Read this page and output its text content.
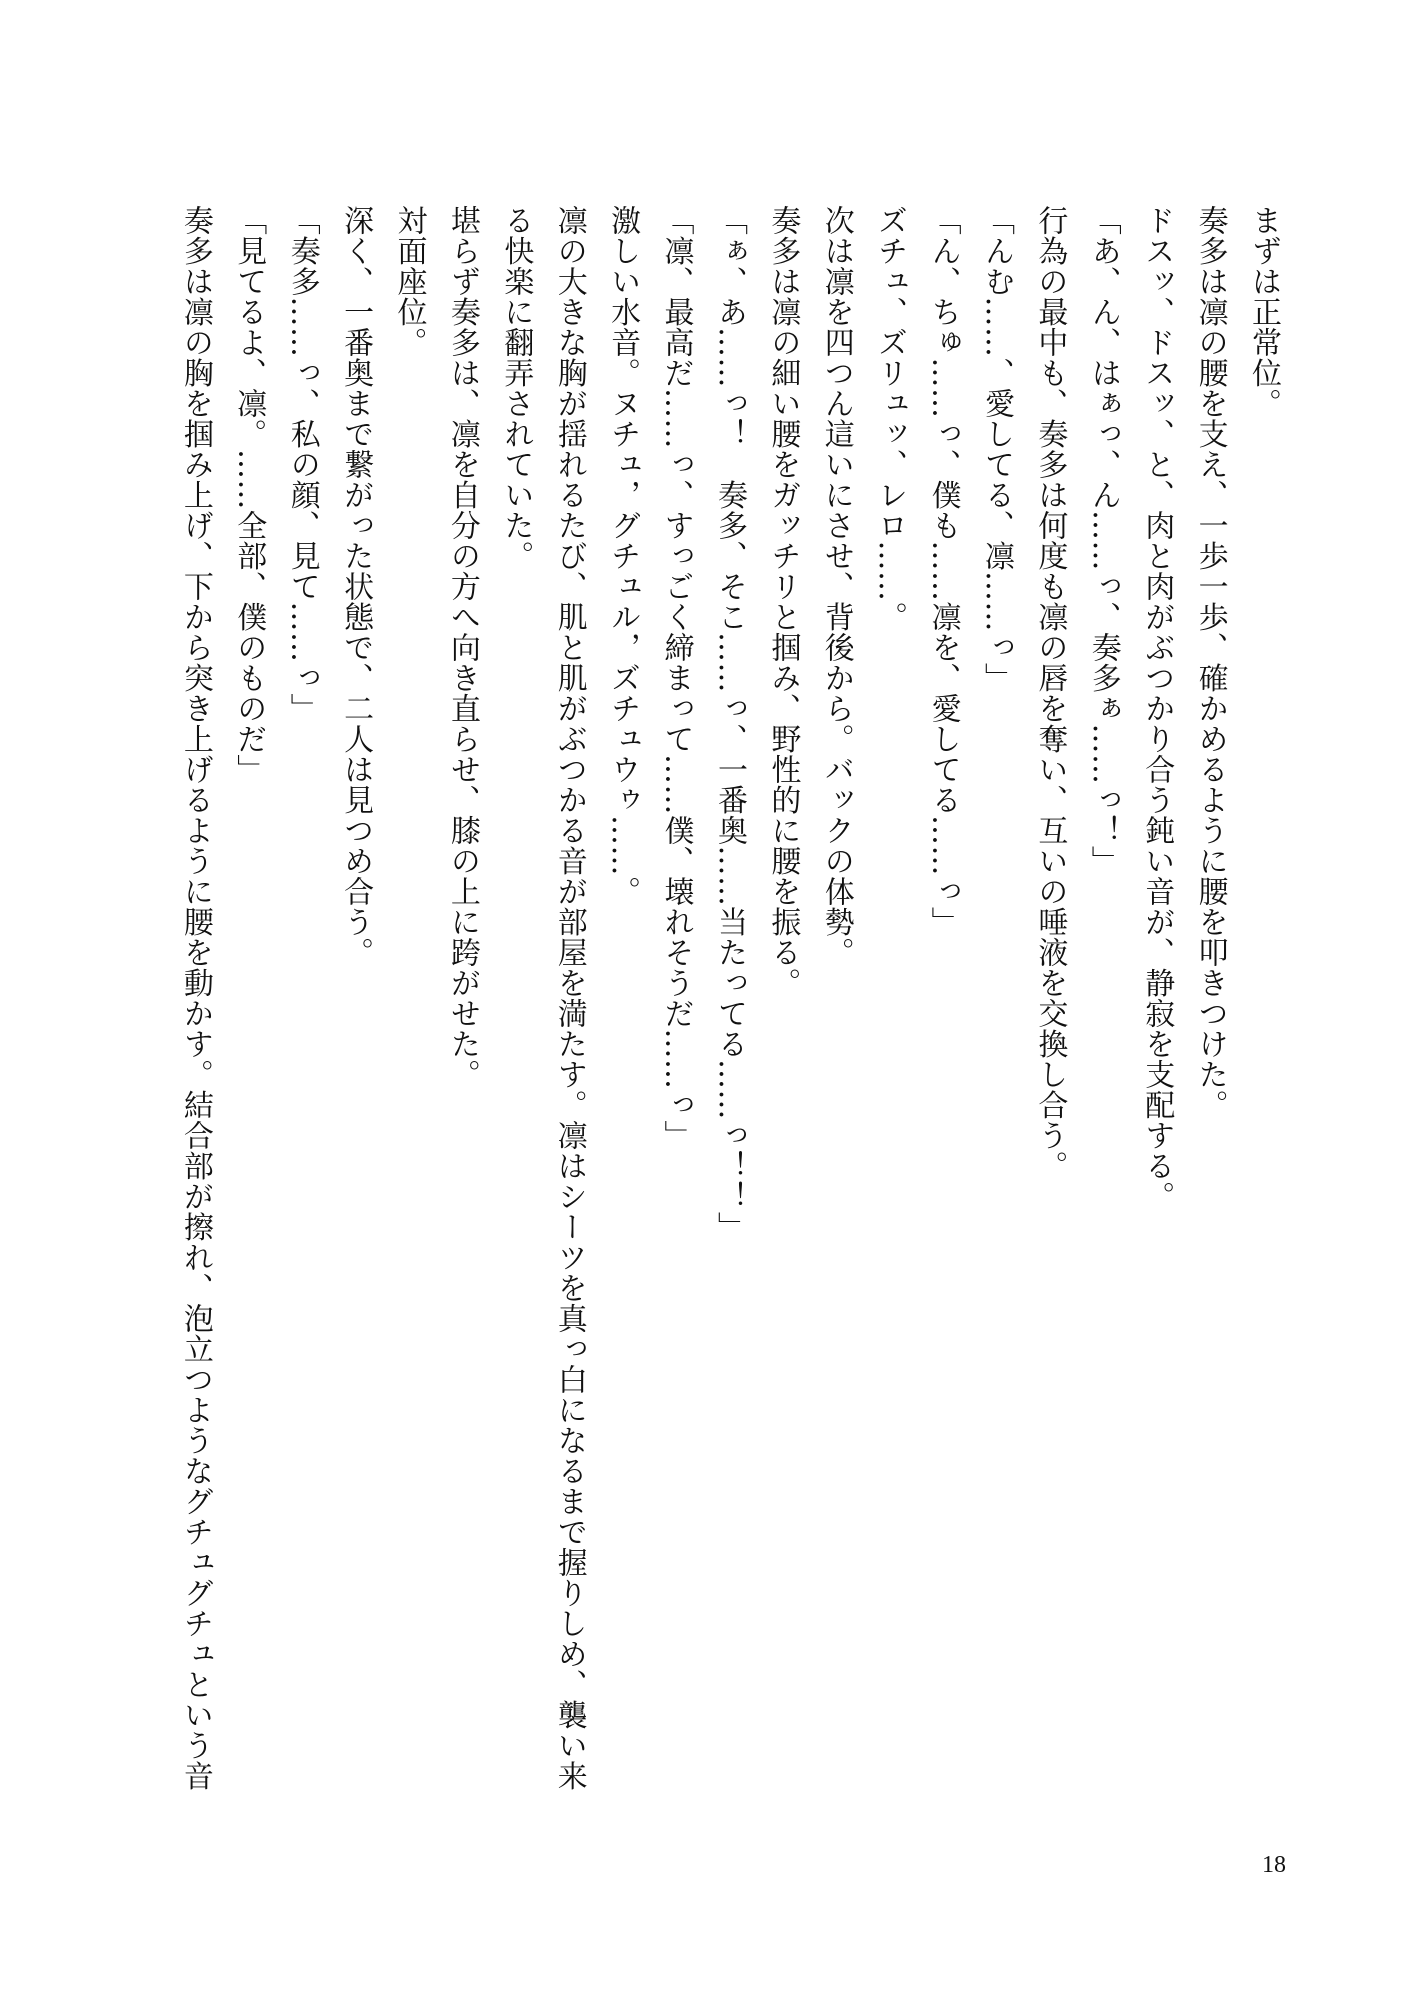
まずは正常位。

奏多は凛の腰を支え、一歩一歩、確かめるように腰を叩きつけた。

ドスッ、ドスッ、と、肉と肉がぶつかり合う鈍い音が、静寂を支配する。

「あ、ん、はぁっ、ん……っ、奏多ぁ……っ！」

行為の最中も、奏多は何度も凛の唇を奪い、互いの唾液を交換し合う。

「んむ……、愛してる、凛……っ」

「ん、ちゅ……っ、僕も……凛を、愛してる……っ」

ズチュ、ズリュッ、レロ……。

次は凛を四つん這いにさせ、背後から。バックの体勢。

奏多は凛の細い腰をガッチリと掴み、野性的に腰を振る。

「ぁ、あ……っ！　奏多、そこ……っ、一番奥……当たってる……っ！！」

「凛、最高だ……っ、すっごく締まって……僕、壊れそうだ……っ」

激しい水音。ヌチュ，グチュル，ズチュウゥ……。

凛の大きな胸が揺れるたび、肌と肌がぶつかる音が部屋を満たす。凛はシーツを真っ白になるまで握りしめ、襲い来

る快楽に翻弄されていた。

堪らず奏多は、凛を自分の方へ向き直らせ、膝の上に跨がせた。

対面座位。

深く、一番奥まで繋がった状態で、二人は見つめ合う。

「奏多……っ、私の顔、見て……っ」

「見てるよ、凛。……全部、僕のものだ」

奏多は凛の胸を掴み上げ、下から突き上げるように腰を動かす。結合部が擦れ、泡立つようなグチュグチュという音

18
